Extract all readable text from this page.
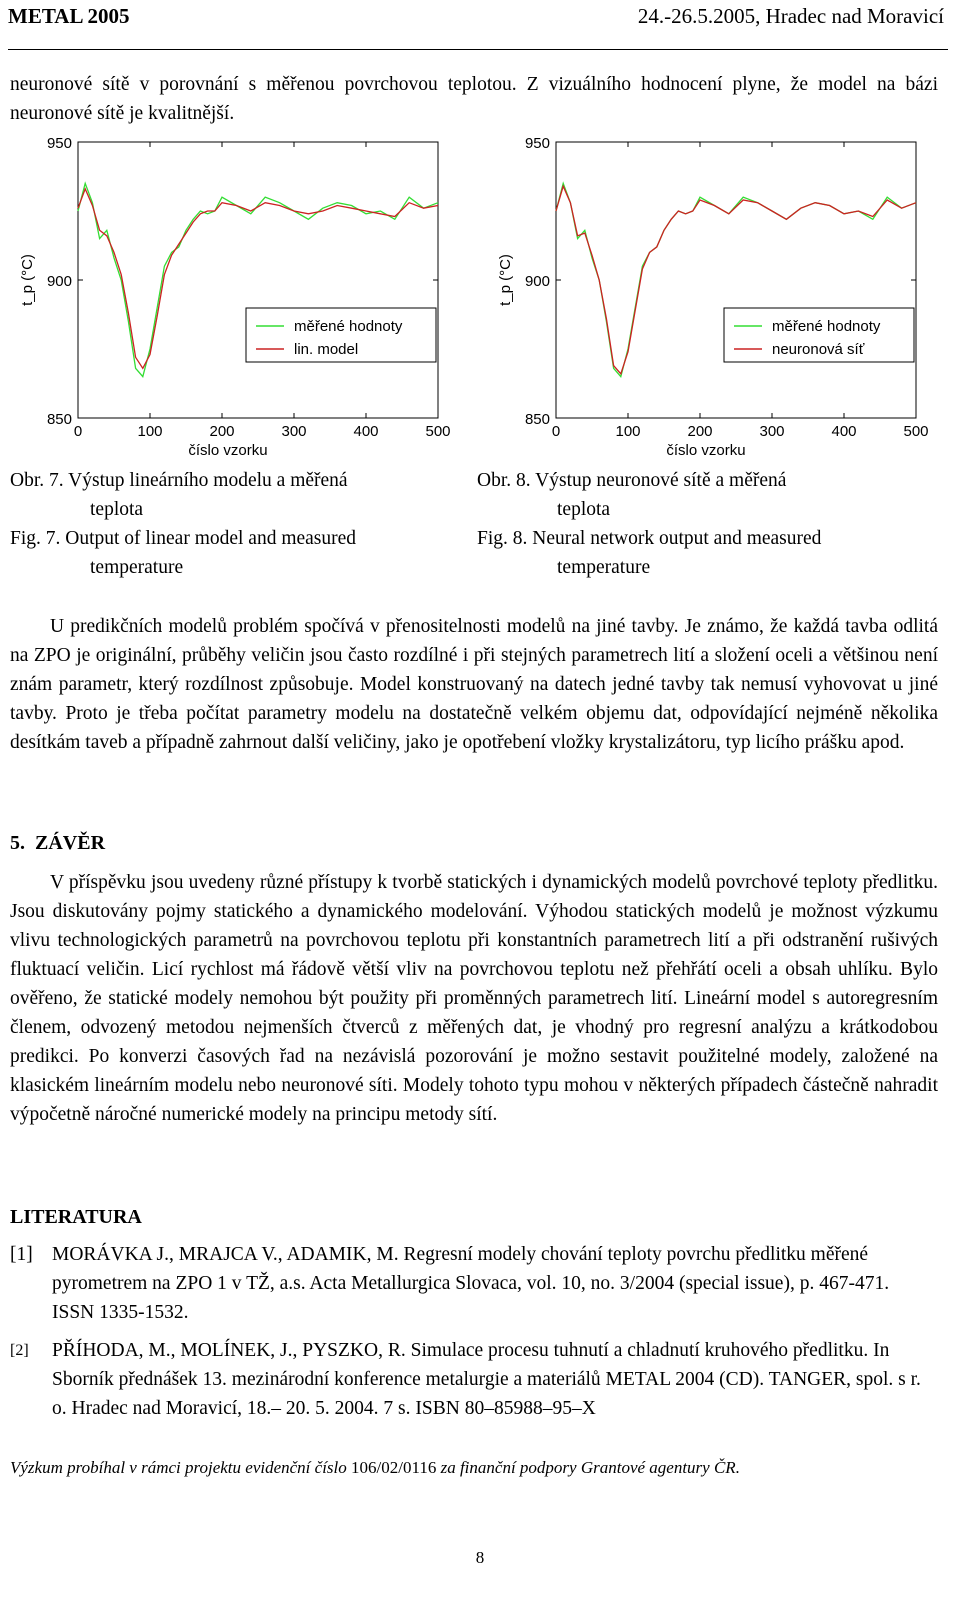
METAL 2005	24.-26.5.2005, Hradec nad Moravicí
neuronové sítě v porovnání s měřenou povrchovou teplotou. Z vizuálního hodnocení plyne, že model na bázi neuronové sítě je kvalitnější.
850
900
950
0	100	200	300	400	500
číslo vzorku
t_p (°C)
měřené hodnoty
lin. model
850
900
950
0	100	200	300	400	500
číslo vzorku
t_p (°C)
měřené hodnoty
neuronová síť
Obr. 7. Výstup lineárního modelu a měřená
teplota
Fig. 7. Output of linear model and measured
temperature
Obr. 8. Výstup neuronové sítě a měřená
teplota
Fig. 8. Neural network output and measured
temperature
U predikčních modelů problém spočívá v přenositelnosti modelů na jiné tavby. Je známo, že každá tavba odlitá na ZPO je originální, průběhy veličin jsou často rozdílné i při stejných parametrech lití a složení oceli a většinou není znám parametr, který rozdílnost způsobuje. Model konstruovaný na datech jedné tavby tak nemusí vyhovovat u jiné tavby. Proto je třeba počítat parametry modelu na dostatečně velkém objemu dat, odpovídající nejméně několika desítkám taveb a případně zahrnout další veličiny, jako je opotřebení vložky krystalizátoru, typ licího prášku apod.
5. ZÁVĚR
V příspěvku jsou uvedeny různé přístupy k tvorbě statických i dynamických modelů povrchové teploty předlitku. Jsou diskutovány pojmy statického a dynamického modelování. Výhodou statických modelů je možnost výzkumu vlivu technologických parametrů na povrchovou teplotu při konstantních parametrech lití a při odstranění rušivých fluktuací veličin. Licí rychlost má řádově větší vliv na povrchovou teplotu než přehřátí oceli a obsah uhlíku. Bylo ověřeno, že statické modely nemohou být použity při proměnných parametrech lití. Lineární model s autoregresním členem, odvozený metodou nejmenších čtverců z měřených dat, je vhodný pro regresní analýzu a krátkodobou predikci. Po konverzi časových řad na nezávislá pozorování je možno sestavit použitelné modely, založené na klasickém lineárním modelu nebo neuronové síti. Modely tohoto typu mohou v některých případech částečně nahradit výpočetně náročné numerické modely na principu metody sítí.
LITERATURA
[1] MORÁVKA J., MRAJCA V., ADAMIK, M. Regresní modely chování teploty povrchu předlitku měřené pyrometrem na ZPO 1 v TŽ, a.s. Acta Metallurgica Slovaca, vol. 10, no. 3/2004 (special issue), p. 467-471. ISSN 1335-1532.
[2] PŘÍHODA, M., MOLÍNEK, J., PYSZKO, R. Simulace procesu tuhnutí a chladnutí kruhového předlitku. In Sborník přednášek 13. mezinárodní konference metalurgie a materiálů METAL 2004 (CD). TANGER, spol. s r. o. Hradec nad Moravicí, 18.– 20. 5. 2004. 7 s. ISBN 80–85988–95–X
Výzkum probíhal v rámci projektu evidenční číslo 106/02/0116 za finanční podpory Grantové agentury ČR.
8
